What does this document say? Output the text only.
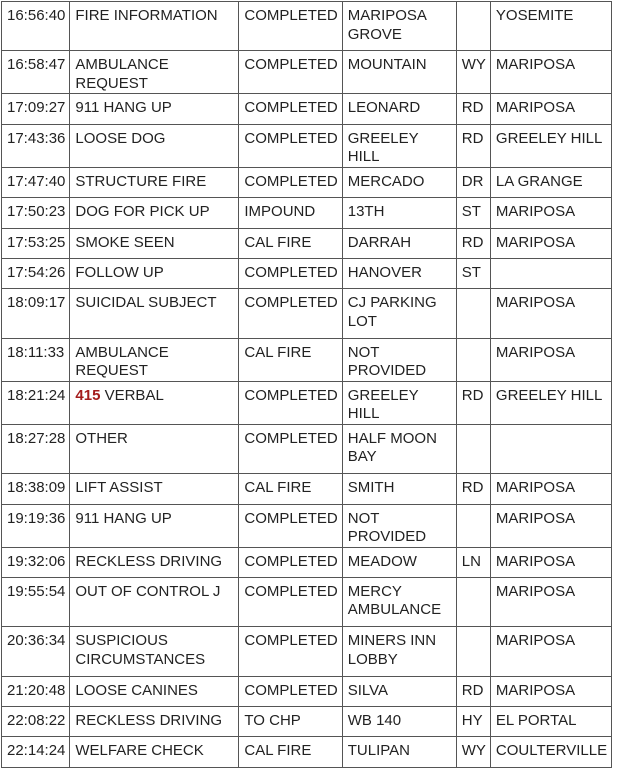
16:56:40	FIRE INFORMATION	COMPLETED	MARIPOSA GROVE		YOSEMITE

16:58:47	AMBULANCE REQUEST	COMPLETED	MOUNTAIN	WY	MARIPOSA

17:09:27	911 HANG UP	COMPLETED	LEONARD	RD	MARIPOSA

17:43:36	LOOSE DOG	COMPLETED	GREELEY HILL	RD	GREELEY HILL

17:47:40	STRUCTURE FIRE	COMPLETED	MERCADO	DR	LA GRANGE

17:50:23	DOG FOR PICK UP	IMPOUND	13TH	ST	MARIPOSA

17:53:25	SMOKE SEEN	CAL FIRE	DARRAH	RD	MARIPOSA

17:54:26	FOLLOW UP	COMPLETED	HANOVER	ST	

18:09:17	SUICIDAL SUBJECT	COMPLETED	CJ PARKING LOT		MARIPOSA

18:11:33	AMBULANCE REQUEST	CAL FIRE	NOT PROVIDED		MARIPOSA

18:21:24	415 VERBAL	COMPLETED	GREELEY HILL	RD	GREELEY HILL

18:27:28	OTHER	COMPLETED	HALF MOON BAY		

18:38:09	LIFT ASSIST	CAL FIRE	SMITH	RD	MARIPOSA

19:19:36	911 HANG UP	COMPLETED	NOT PROVIDED		MARIPOSA

19:32:06	RECKLESS DRIVING	COMPLETED	MEADOW	LN	MARIPOSA

19:55:54	OUT OF CONTROL J	COMPLETED	MERCY AMBULANCE		MARIPOSA

20:36:34	SUSPICIOUS CIRCUMSTANCES	COMPLETED	MINERS INN LOBBY		MARIPOSA

21:20:48	LOOSE CANINES	COMPLETED	SILVA	RD	MARIPOSA

22:08:22	RECKLESS DRIVING	TO CHP	WB 140	HY	EL PORTAL

22:14:24	WELFARE CHECK	CAL FIRE	TULIPAN	WY	COULTERVILLE
